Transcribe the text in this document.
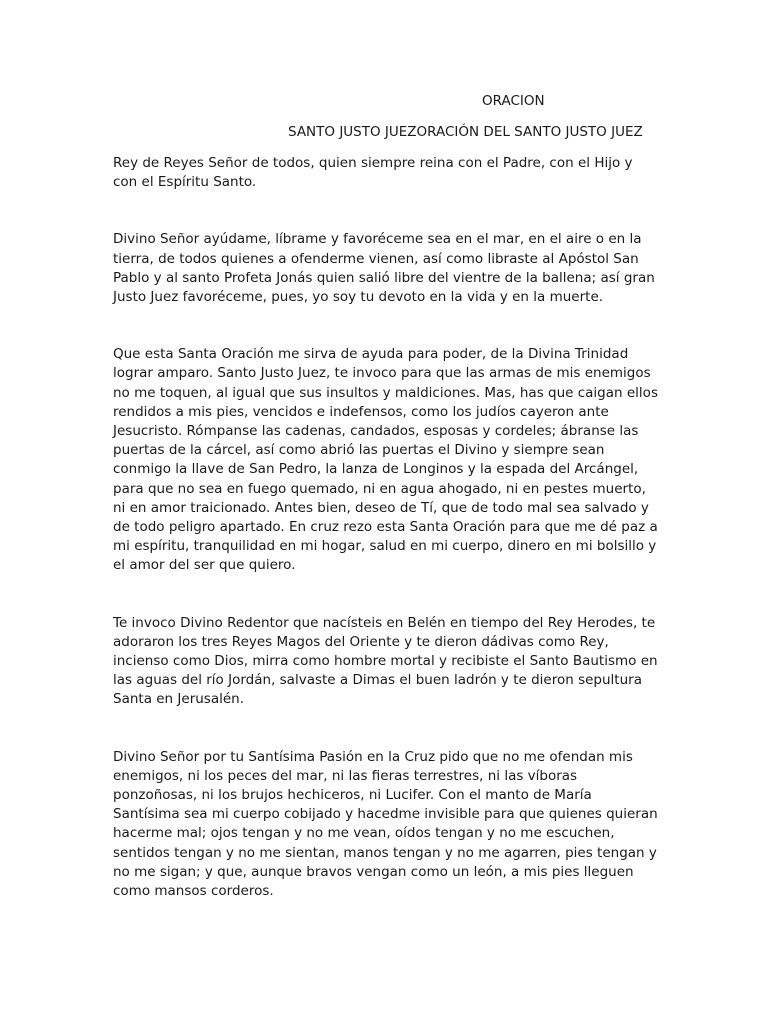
ORACION
SANTO JUSTO JUEZORACIÓN DEL SANTO JUSTO JUEZ

Rey de Reyes Señor de todos, quien siempre reina con el Padre, con el Hijo y con el Espíritu Santo.

Divino Señor ayúdame, líbrame y favoréceme sea en el mar, en el aire o en la tierra, de todos quienes a ofenderme vienen, así como libraste al Apóstol San Pablo y al santo Profeta Jonás quien salió libre del vientre de la ballena; así gran Justo Juez favoréceme, pues, yo soy tu devoto en la vida y en la muerte.

Que esta Santa Oración me sirva de ayuda para poder, de la Divina Trinidad lograr amparo. Santo Justo Juez, te invoco para que las armas de mis enemigos no me toquen, al igual que sus insultos y maldiciones. Mas, has que caigan ellos rendidos a mis pies, vencidos e indefensos, como los judíos cayeron ante Jesucristo. Rómpanse las cadenas, candados, esposas y cordeles; ábranse las puertas de la cárcel, así como abrió las puertas el Divino y siempre sean conmigo la llave de San Pedro, la lanza de Longinos y la espada del Arcángel, para que no sea en fuego quemado, ni en agua ahogado, ni en pestes muerto, ni en amor traicionado. Antes bien, deseo de Tí, que de todo mal sea salvado y de todo peligro apartado. En cruz rezo esta Santa Oración para que me dé paz a mi espíritu, tranquilidad en mi hogar, salud en mi cuerpo, dinero en mi bolsillo y el amor del ser que quiero.

Te invoco Divino Redentor que nacísteis en Belén en tiempo del Rey Herodes, te adoraron los tres Reyes Magos del Oriente y te dieron dádivas como Rey, incienso como Dios, mirra como hombre mortal y recibiste el Santo Bautismo en las aguas del río Jordán, salvaste a Dimas el buen ladrón y te dieron sepultura Santa en Jerusalén.

Divino Señor por tu Santísima Pasión en la Cruz pido que no me ofendan mis enemigos, ni los peces del mar, ni las fieras terrestres, ni las víboras ponzoñosas, ni los brujos hechiceros, ni Lucifer. Con el manto de María Santísima sea mi cuerpo cobijado y hacedme invisible para que quienes quieran hacerme mal; ojos tengan y no me vean, oídos tengan y no me escuchen, sentidos tengan y no me sientan, manos tengan y no me agarren, pies tengan y no me sigan; y que, aunque bravos vengan como un león, a mis pies lleguen como mansos corderos.
